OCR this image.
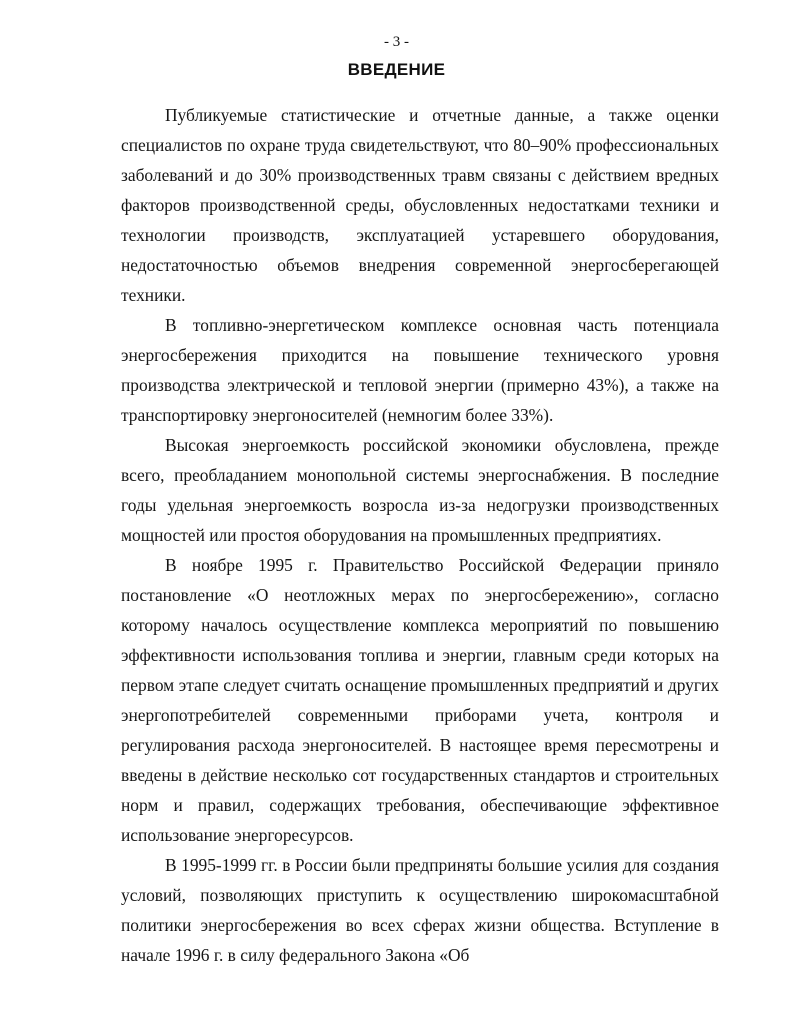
- 3 -
ВВЕДЕНИЕ

Публикуемые статистические и отчетные данные, а также оценки специалистов по охране труда свидетельствуют, что 80–90% профессиональных заболеваний и до 30% производственных травм связаны с действием вредных факторов производственной среды, обусловленных недостатками техники и технологии производств, эксплуатацией устаревшего оборудования, недостаточностью объемов внедрения современной энергосберегающей техники.

В топливно-энергетическом комплексе основная часть потенциала энергосбережения приходится на повышение технического уровня производства электрической и тепловой энергии (примерно 43%), а также на транспортировку энергоносителей (немногим более 33%).

Высокая энергоемкость российской экономики обусловлена, прежде всего, преобладанием монопольной системы энергоснабжения. В последние годы удельная энергоемкость возросла из-за недогрузки производственных мощностей или простоя оборудования на промышленных предприятиях.

В ноябре 1995 г. Правительство Российской Федерации приняло постановление «О неотложных мерах по энергосбережению», согласно которому началось осуществление комплекса мероприятий по повышению эффективности использования топлива и энергии, главным среди которых на первом этапе следует считать оснащение промышленных предприятий и других энергопотребителей современными приборами учета, контроля и регулирования расхода энергоносителей. В настоящее время пересмотрены и введены в действие несколько сот государственных стандартов и строительных норм и правил, содержащих требования, обеспечивающие эффективное использование энергоресурсов.

В 1995-1999 гг. в России были предприняты большие усилия для создания условий, позволяющих приступить к осуществлению широкомасштабной политики энергосбережения во всех сферах жизни общества. Вступление в начале 1996 г. в силу федерального Закона «Об
